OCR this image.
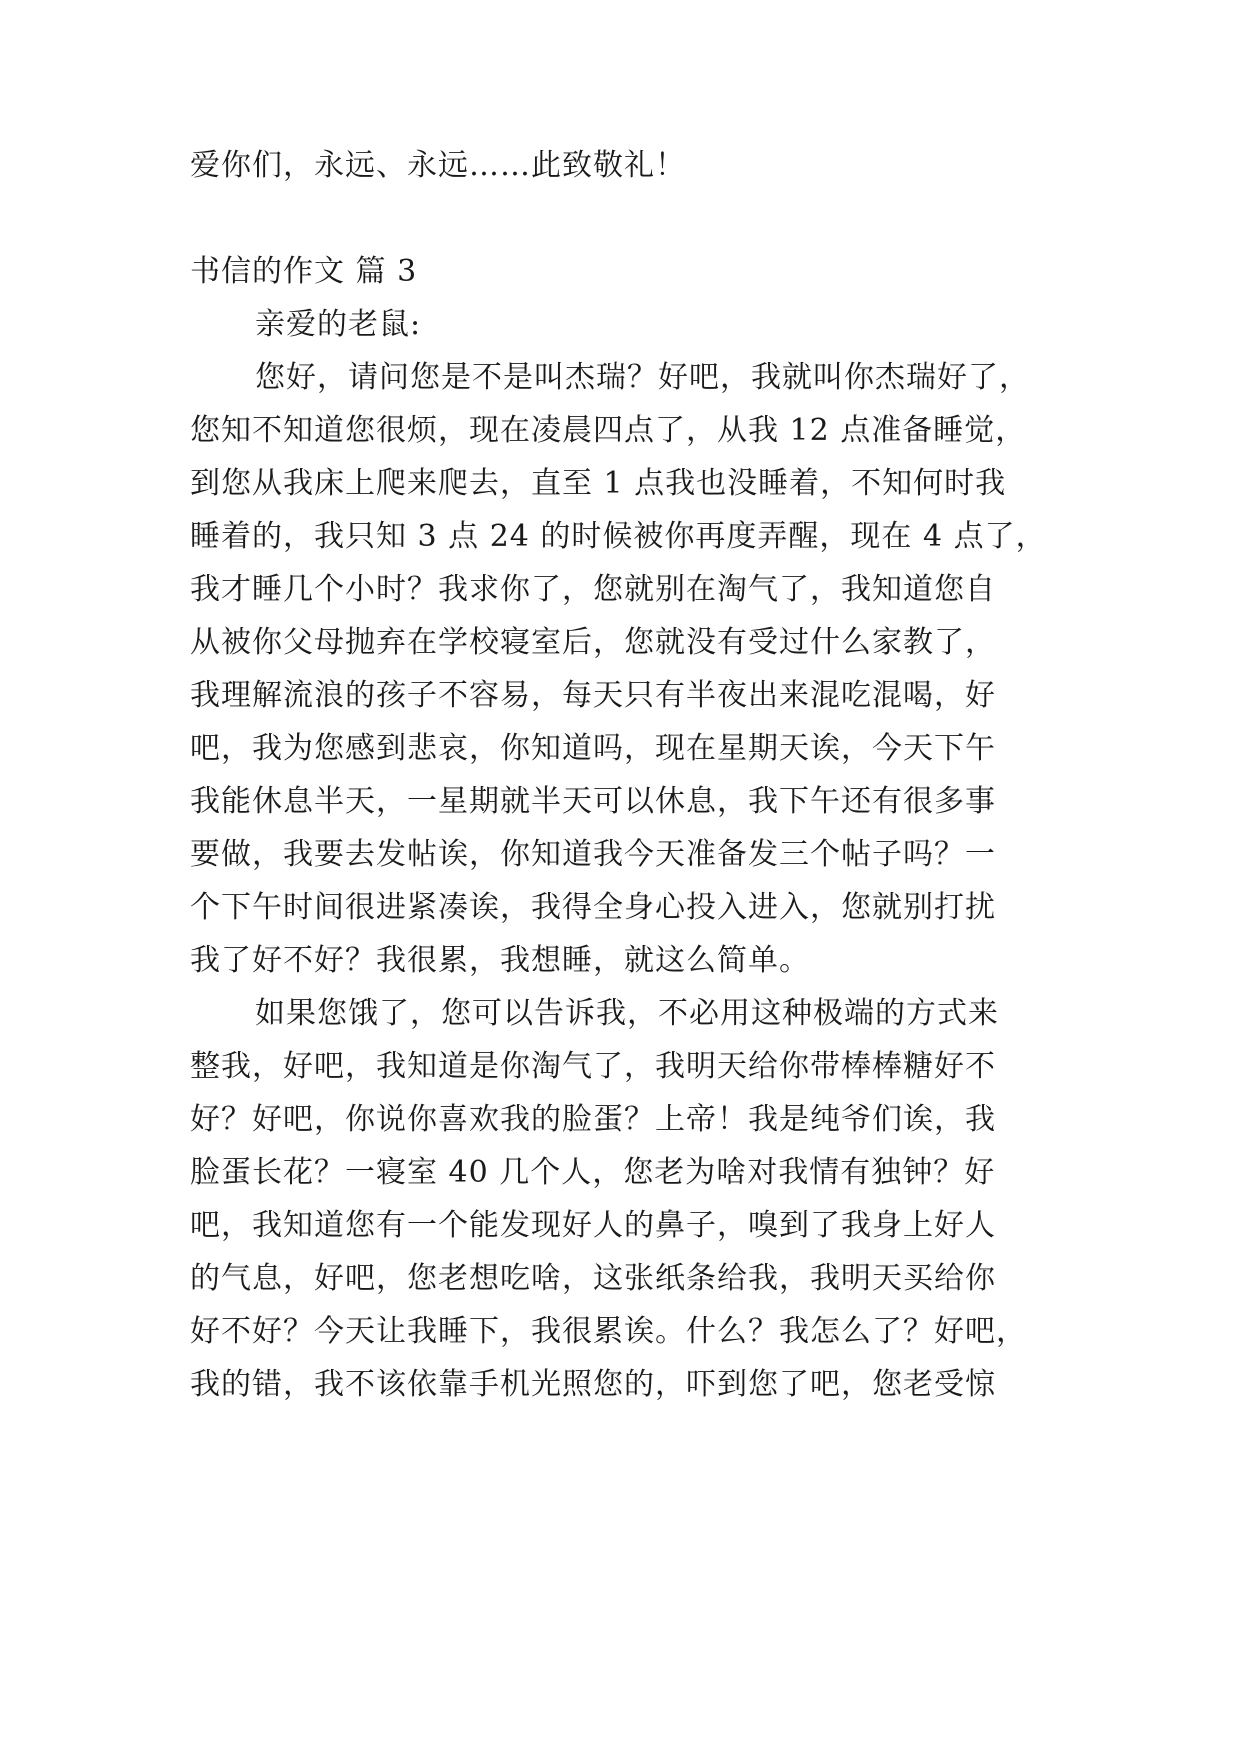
爱你们，永远、永远……此致敬礼！
书信的作文 篇 3
亲爱的老鼠:
您好，请问您是不是叫杰瑞？好吧，我就叫你杰瑞好了，
您知不知道您很烦，现在凌晨四点了，从我 12 点准备睡觉，
到您从我床上爬来爬去，直至 1 点我也没睡着，不知何时我
睡着的，我只知 3 点 24 的时候被你再度弄醒，现在 4 点了，
我才睡几个小时？我求你了，您就别在淘气了，我知道您自
从被你父母抛弃在学校寝室后，您就没有受过什么家教了，
我理解流浪的孩子不容易，每天只有半夜出来混吃混喝，好
吧，我为您感到悲哀，你知道吗，现在星期天诶，今天下午
我能休息半天，一星期就半天可以休息，我下午还有很多事
要做，我要去发帖诶，你知道我今天准备发三个帖子吗？一
个下午时间很进紧凑诶，我得全身心投入进入，您就别打扰
我了好不好？我很累，我想睡，就这么简单。
如果您饿了，您可以告诉我，不必用这种极端的方式来
整我，好吧，我知道是你淘气了，我明天给你带棒棒糖好不
好？好吧，你说你喜欢我的脸蛋？上帝！我是纯爷们诶，我
脸蛋长花？一寝室 40 几个人，您老为啥对我情有独钟？好
吧，我知道您有一个能发现好人的鼻子，嗅到了我身上好人
的气息，好吧，您老想吃啥，这张纸条给我，我明天买给你
好不好？今天让我睡下，我很累诶。什么？我怎么了？好吧，
我的错，我不该依靠手机光照您的，吓到您了吧，您老受惊
